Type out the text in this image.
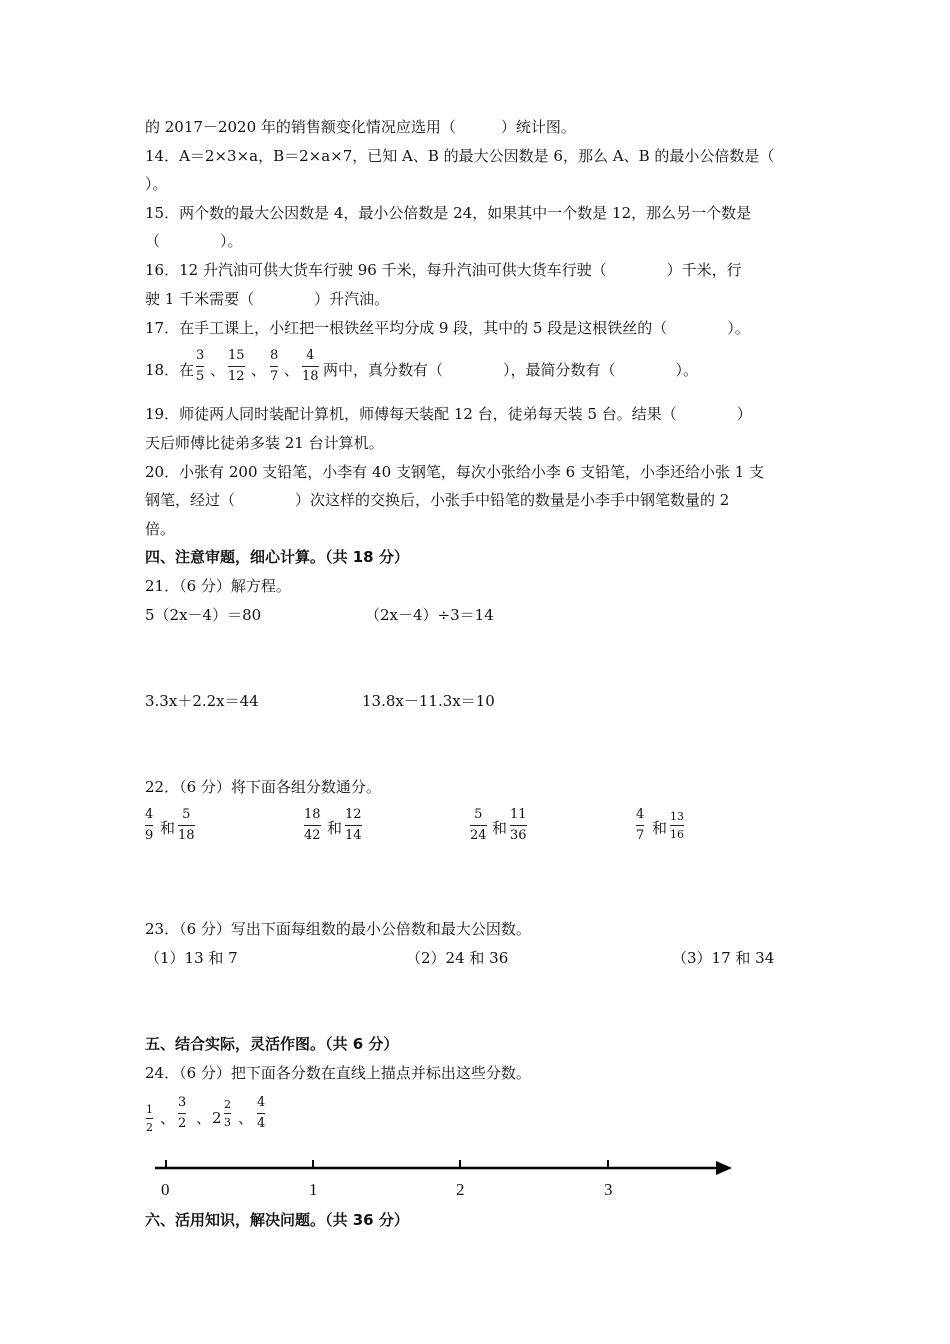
的 2017－2020 年的销售额变化情况应选用（　　　）统计图。
14．A＝2×3×a，B＝2×a×7，已知 A、B 的最大公因数是 6，那么 A、B 的最小公倍数是（
）。
15．两个数的最大公因数是 4，最小公倍数是 24，如果其中一个数是 12，那么另一个数是
（　　　　）。
16．12 升汽油可供大货车行驶 96 千米，每升汽油可供大货车行驶（　　　　）千米，行
驶 1 千米需要（　　　　）升汽油。
17．在手工课上，小红把一根铁丝平均分成 9 段，其中的 5 段是这根铁丝的（　　　　）。
18．在
3
5 、
15
12 、
8
7 、
4
18 两中，真分数有（　　　　），最简分数有（　　　　）。
19．师徒两人同时装配计算机，师傅每天装配 12 台，徒弟每天装 5 台。结果（　　　　）
天后师傅比徒弟多装 21 台计算机。
20．小张有 200 支铅笔，小李有 40 支钢笔，每次小张给小李 6 支铅笔，小李还给小张 1 支
钢笔，经过（　　　　）次这样的交换后，小张手中铅笔的数量是小李手中钢笔数量的 2
倍。
四、注意审题，细心计算。（共 18 分）
21．（6 分）解方程。
5（2x－4）＝80	（2x－4）÷3＝14
3.3x＋2.2x＝44	13.8x－11.3x＝10
22．（6 分）将下面各组分数通分。
4
9 和
5
18
18
42 和
12
14
5
24 和
11
36
4
7 和
13
16
23．（6 分）写出下面每组数的最小公倍数和最大公因数。
（1）13 和 7	（2）24 和 36	（3）17 和 34
五、结合实际，灵活作图。（共 6 分）
24．（6 分）把下面各分数在直线上描点并标出这些分数。
1
2
、
3
2 、 2
2
3 、
4
4
0	1	2	3
六、活用知识，解决问题。（共 36 分）
